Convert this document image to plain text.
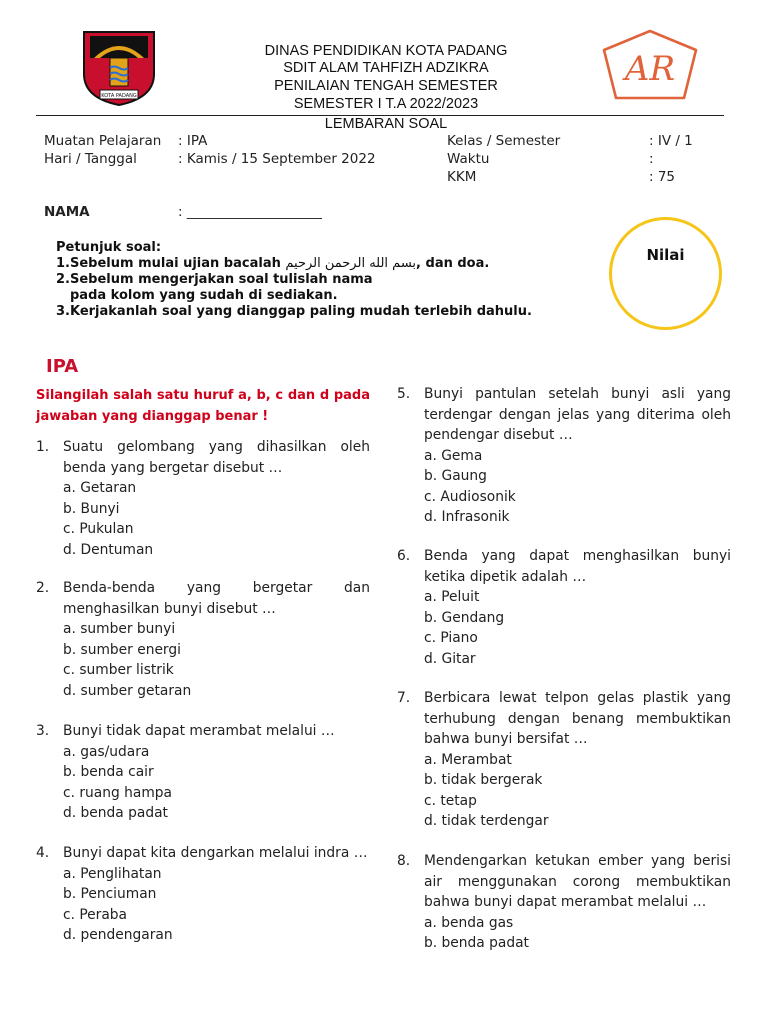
KOTA PADANG
AR
DINAS PENDIDIKAN KOTA PADANG
SDIT ALAM TAHFIZH ADZIKRA
PENILAIAN TENGAH SEMESTER
SEMESTER I T.A 2022/2023
LEMBARAN SOAL
Muatan Pelajaran : IPA
Hari / Tanggal	: Kamis / 15 September 2022
Kelas / Semester	: IV / 1
Waktu	:
KKM	: 75
NAMA	: ____________________
Petunjuk soal:
1.Sebelum mulai ujian bacalah بسم الله الرحمن الرحيم, dan doa.
2.Sebelum mengerjakan soal tulislah nama
pada kolom yang sudah di sediakan.
3.Kerjakanlah soal yang dianggap paling mudah terlebih dahulu.
Nilai
IPA
Silangilah salah satu huruf a, b, c dan d pada jawaban yang dianggap benar !
1. Suatu gelombang yang dihasilkan oleh benda yang bergetar disebut …
a. Getaran
b. Bunyi
c. Pukulan
d. Dentuman
2. Benda-benda yang bergetar dan menghasilkan bunyi disebut …
a. sumber bunyi
b. sumber energi
c. sumber listrik
d. sumber getaran
3. Bunyi tidak dapat merambat melalui …
a. gas/udara
b. benda cair
c. ruang hampa
d. benda padat
4. Bunyi dapat kita dengarkan melalui indra …
a. Penglihatan
b. Penciuman
c. Peraba
d. pendengaran
5. Bunyi pantulan setelah bunyi asli yang terdengar dengan jelas yang diterima oleh pendengar disebut …
a. Gema
b. Gaung
c. Audiosonik
d. Infrasonik
6. Benda yang dapat menghasilkan bunyi ketika dipetik adalah …
a. Peluit
b. Gendang
c. Piano
d. Gitar
7. Berbicara lewat telpon gelas plastik yang terhubung dengan benang membuktikan bahwa bunyi bersifat …
a. Merambat
b. tidak bergerak
c. tetap
d. tidak terdengar
8. Mendengarkan ketukan ember yang berisi air menggunakan corong membuktikan bahwa bunyi dapat merambat melalui …
a. benda gas
b. benda padat
